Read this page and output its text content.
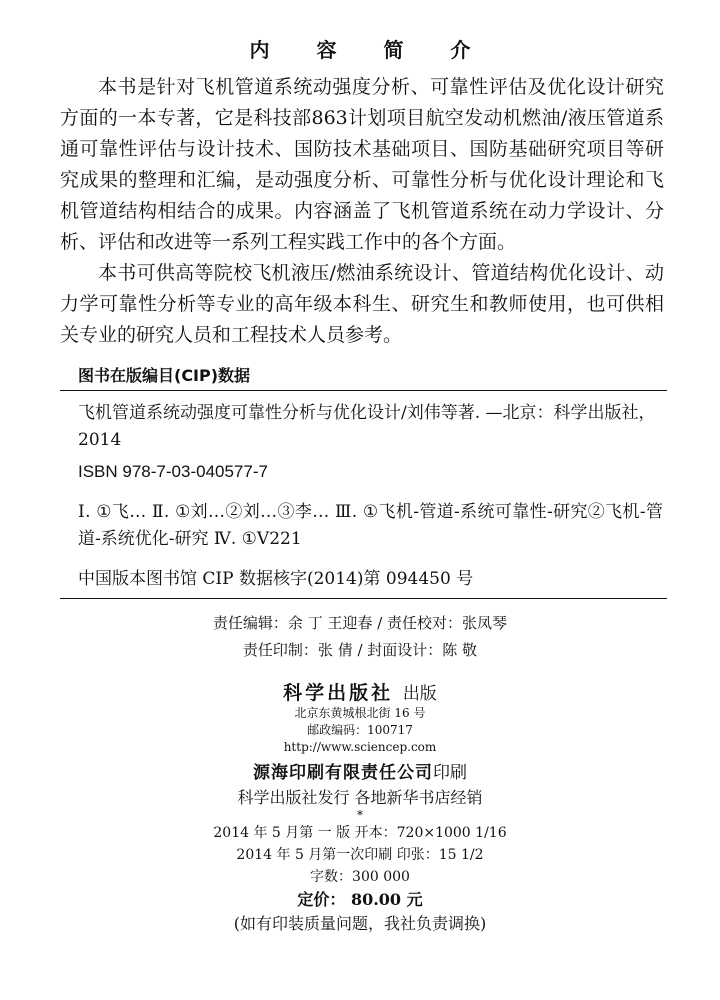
内 容 简 介

本书是针对飞机管道系统动强度分析、可靠性评估及优化设计研究方面的一本专著，它是科技部863计划项目航空发动机燃油/液压管道系通可靠性评估与设计技术、国防技术基础项目、国防基础研究项目等研究成果的整理和汇编，是动强度分析、可靠性分析与优化设计理论和飞机管道结构相结合的成果。内容涵盖了飞机管道系统在动力学设计、分析、评估和改进等一系列工程实践工作中的各个方面。

本书可供高等院校飞机液压/燃油系统设计、管道结构优化设计、动力学可靠性分析等专业的高年级本科生、研究生和教师使用，也可供相关专业的研究人员和工程技术人员参考。

图书在版编目(CIP)数据

飞机管道系统动强度可靠性分析与优化设计/刘伟等著. —北京：科学出版社，2014

ISBN 978-7-03-040577-7

Ⅰ. ①飞… Ⅱ. ①刘…②刘…③李… Ⅲ. ①飞机-管道-系统可靠性-研究②飞机-管道-系统优化-研究 Ⅳ. ①V221

中国版本图书馆 CIP 数据核字(2014)第 094450 号
责任编辑：余 丁 王迎春 / 责任校对：张凤琴
责任印制：张 倩 / 封面设计：陈 敬
科学出版社 出版
北京东黄城根北街 16 号
邮政编码：100717
http://www.sciencep.com
源海印刷有限责任公司印刷
科学出版社发行 各地新华书店经销
*
2014 年 5 月第 一 版 开本：720×1000 1/16
2014 年 5 月第一次印刷 印张：15 1/2
字数：300 000
定价： 80.00 元
(如有印装质量问题，我社负责调换)
